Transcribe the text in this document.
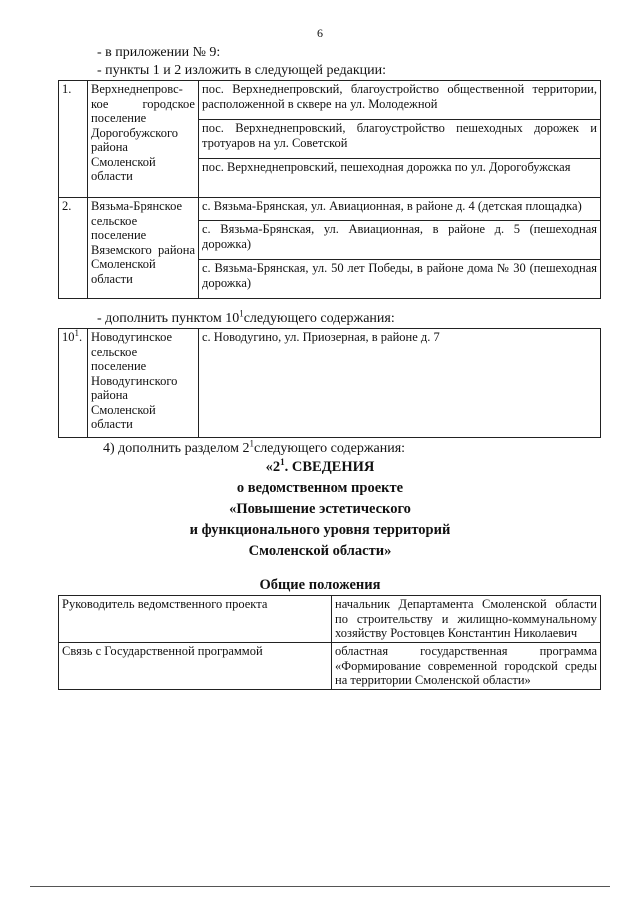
6
- в приложении № 9:
- пункты 1 и 2 изложить в следующей редакции:
1.	Верхнеднепровс-кое городское поселение Дорогобужского района Смоленской области	пос. Верхнеднепровский, благоустройство общественной территории, расположенной в сквере на ул. Молодежной
		пос. Верхнеднепровский, благоустройство пешеходных дорожек и тротуаров на ул. Советской
		пос. Верхнеднепровский, пешеходная дорожка по ул. Дорогобужская
2.	Вязьма-Брянское сельское поселение Вяземского района Смоленской области	с. Вязьма-Брянская, ул. Авиационная, в районе д. 4 (детская площадка)
		с. Вязьма-Брянская, ул. Авиационная, в районе д. 5 (пешеходная дорожка)
		с. Вязьма-Брянская, ул. 50 лет Победы, в районе дома № 30 (пешеходная дорожка)
- дополнить пунктом $10^1следующего$ содержания:
$10^1$.	Новодугинское сельское поселение Новодугинского района Смоленской области	с. Новодугино, ул. Приозерная, в районе д. 7
4) дополнить разделом $2^1следующего$ содержания:
«$2^1$. СВЕДЕНИЯ
о ведомственном проекте
«Повышение эстетического
и функционального уровня территорий
Смоленской области»
Общие положения
Руководитель ведомственного проекта	начальник Департамента Смоленской области по строительству и жилищно-коммунальному хозяйству Ростовцев Константин Николаевич
Связь с Государственной программой	областная государственная программа «Формирование современной городской среды на территории Смоленской области»
